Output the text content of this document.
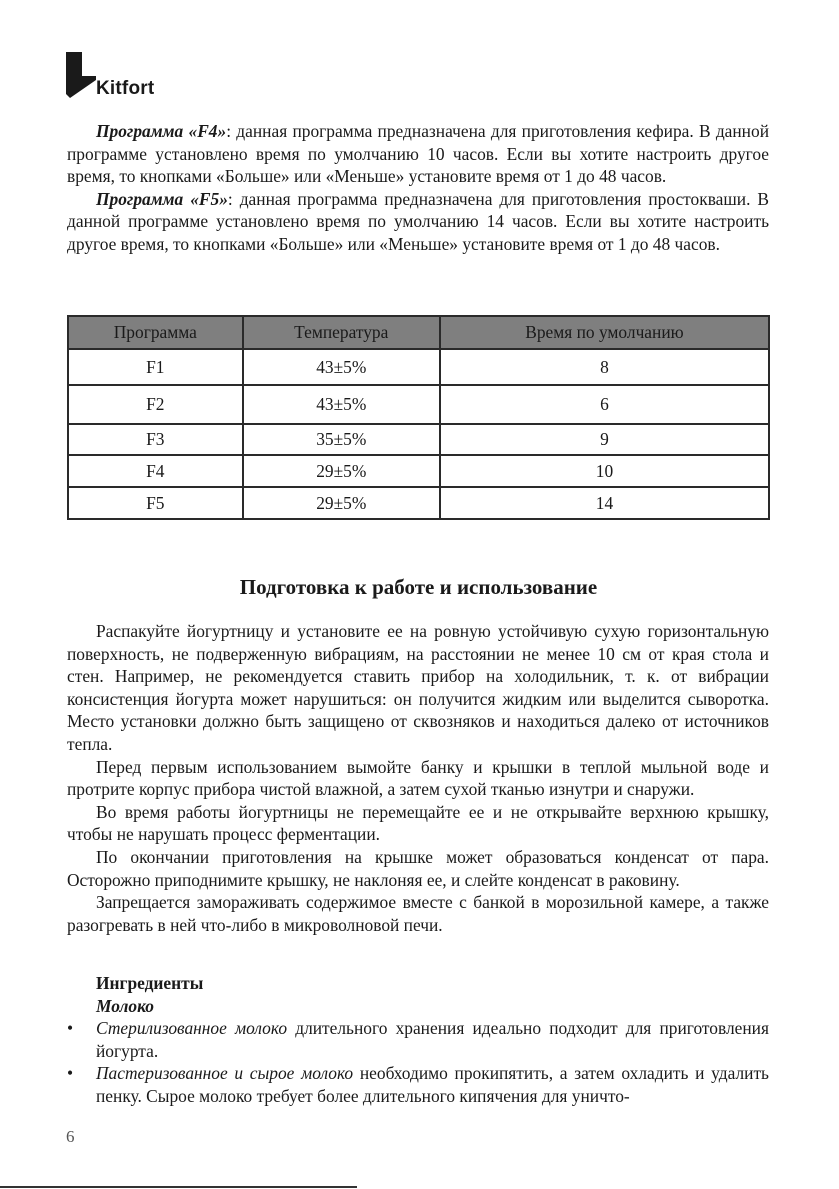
Kitfort

Программа «F4»: данная программа предназначена для приготовления кефира. В данной программе установлено время по умолчанию 10 часов. Если вы хотите настроить другое время, то кнопками «Больше» или «Меньше» установите время от 1 до 48 часов.

Программа «F5»: данная программа предназначена для приготовления простокваши. В данной программе установлено время по умолчанию 14 часов. Если вы хотите настроить другое время, то кнопками «Больше» или «Меньше» установите время от 1 до 48 часов.

Программа	Температура	Время по умолчанию
F1	43±5%	8
F2	43±5%	6
F3	35±5%	9
F4	29±5%	10
F5	29±5%	14
Подготовка к работе и использование

Распакуйте йогуртницу и установите ее на ровную устойчивую сухую горизонтальную поверхность, не подверженную вибрациям, на расстоянии не менее 10 см от края стола и стен. Например, не рекомендуется ставить прибор на холодильник, т. к. от вибрации консистенция йогурта может нарушиться: он получится жидким или выделится сыворотка. Место установки должно быть защищено от сквозняков и находиться далеко от источников тепла.

Перед первым использованием вымойте банку и крышки в теплой мыльной воде и протрите корпус прибора чистой влажной, а затем сухой тканью изнутри и снаружи.

Во время работы йогуртницы не перемещайте ее и не открывайте верхнюю крышку, чтобы не нарушать процесс ферментации.

По окончании приготовления на крышке может образоваться конденсат от пара. Осторожно приподнимите крышку, не наклоняя ее, и слейте конденсат в раковину.

Запрещается замораживать содержимое вместе с банкой в морозильной камере, а также разогревать в ней что-либо в микроволновой печи.

Ингредиенты
Молоко
• Стерилизованное молоко длительного хранения идеально подходит для приготовления йогурта.
• Пастеризованное и сырое молоко необходимо прокипятить, а затем охладить и удалить пенку. Сырое молоко требует более длительного кипячения для уничто-
6
